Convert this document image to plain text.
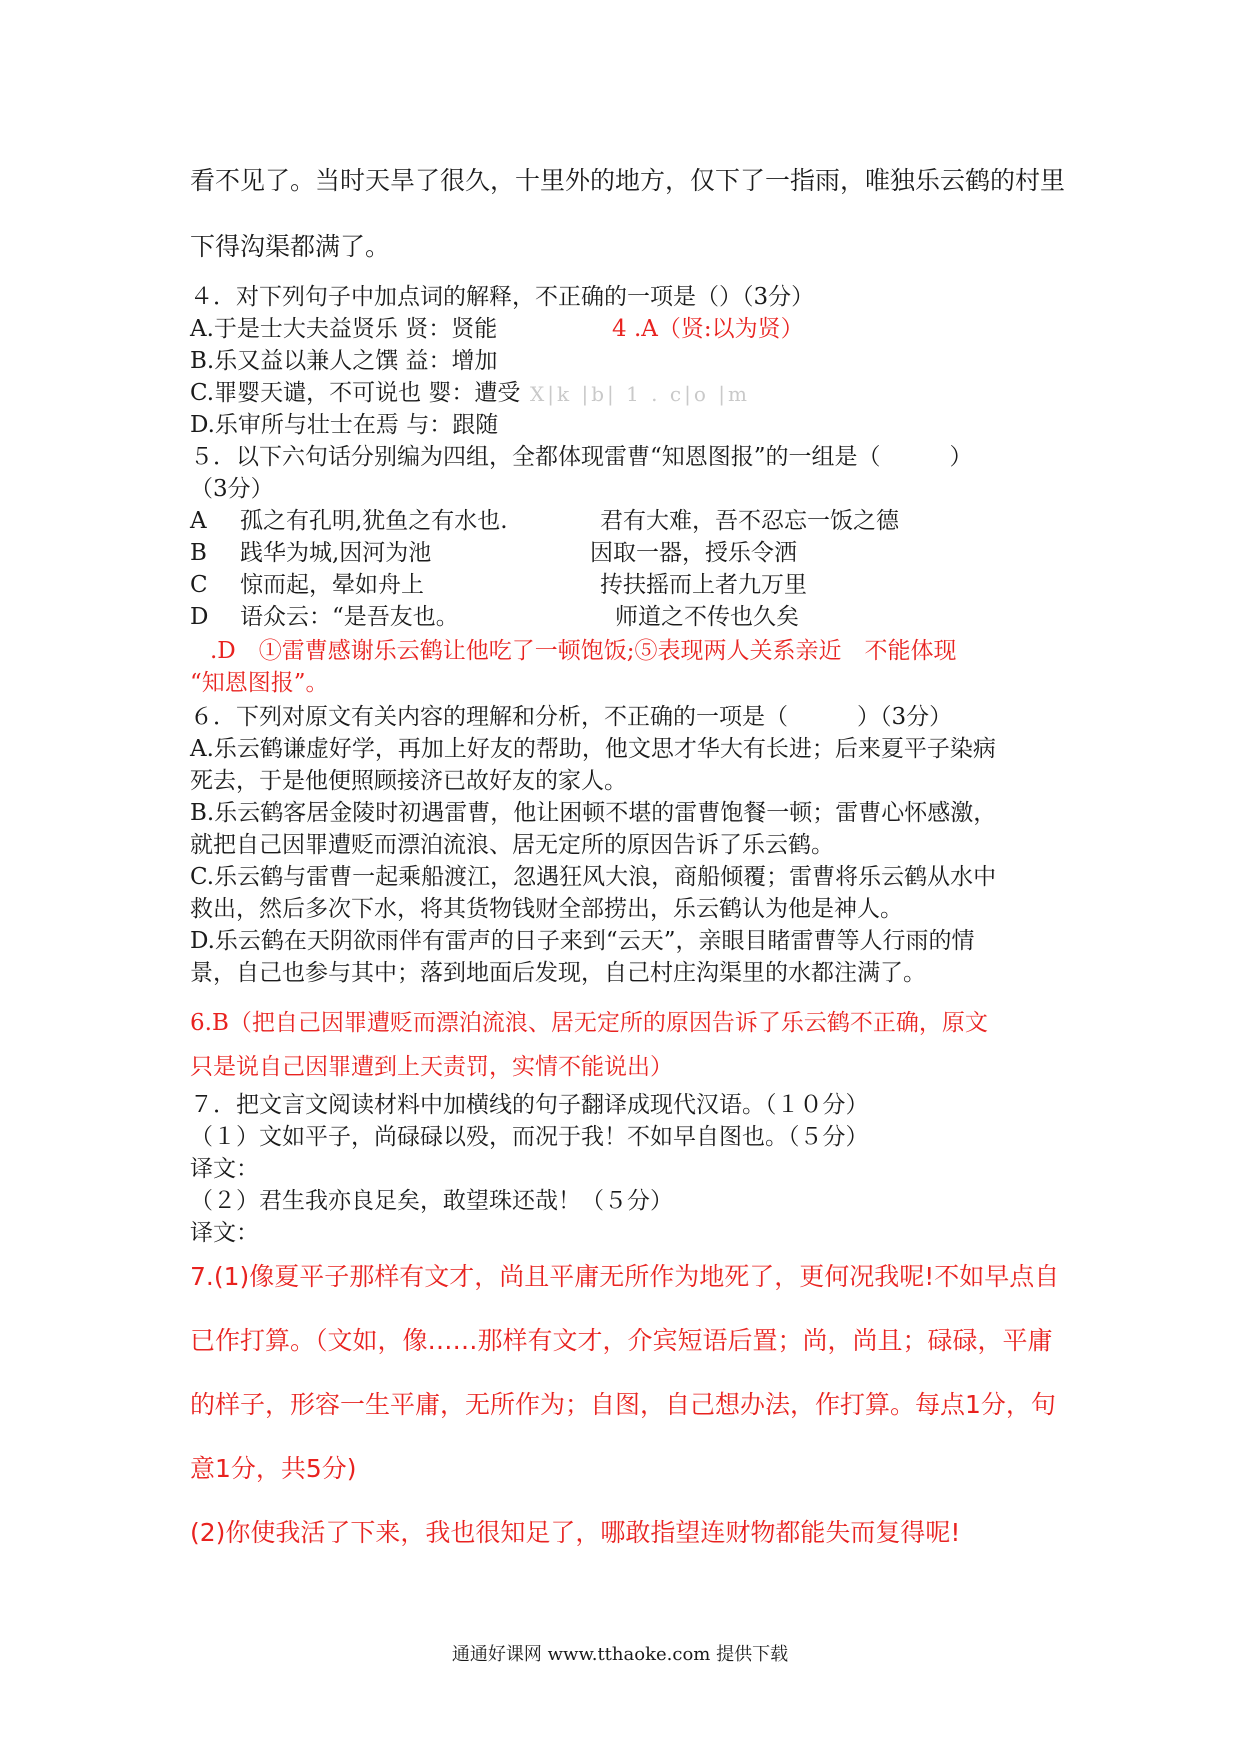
看不见了。当时天旱了很久，十里外的地方，仅下了一指雨，唯独乐云鹤的村里
下得沟渠都满了。
４．对下列句子中加点词的解释，不正确的一项是（）（3分）
A.于是士大夫益贤乐 贤：贤能	4 .A（贤:以为贤）
B.乐又益以兼人之馔 益：增加
C.罪婴天谴，不可说也 婴：遭受 X|k |b| 1 . c|o |m
D.乐审所与壮士在焉 与：跟随
５．以下六句话分别编为四组，全都体现雷曹“知恩图报”的一组是（　　　）
（3分）
A 孤之有孔明,犹鱼之有水也.	君有大难，吾不忍忘一饭之德
B 践华为城,因河为池	因取一器，授乐令洒
C 惊而起，晕如舟上	抟扶摇而上者九万里
D 语众云：“是吾友也。	师道之不传也久矣
.D　①雷曹感谢乐云鹤让他吃了一顿饱饭;⑤表现两人关系亲近　不能体现
“知恩图报”。
６．下列对原文有关内容的理解和分析，不正确的一项是（　　　）（3分）
A.乐云鹤谦虚好学，再加上好友的帮助，他文思才华大有长进；后来夏平子染病
死去，于是他便照顾接济已故好友的家人。
B.乐云鹤客居金陵时初遇雷曹，他让困顿不堪的雷曹饱餐一顿；雷曹心怀感激，
就把自己因罪遭贬而漂泊流浪、居无定所的原因告诉了乐云鹤。
C.乐云鹤与雷曹一起乘船渡江，忽遇狂风大浪，商船倾覆；雷曹将乐云鹤从水中
救出，然后多次下水，将其货物钱财全部捞出，乐云鹤认为他是神人。
D.乐云鹤在天阴欲雨伴有雷声的日子来到“云天”，亲眼目睹雷曹等人行雨的情
景，自己也参与其中；落到地面后发现，自己村庄沟渠里的水都注满了。
6.B（把自己因罪遭贬而漂泊流浪、居无定所的原因告诉了乐云鹤不正确，原文
只是说自己因罪遭到上天责罚，实情不能说出）
７．把文言文阅读材料中加横线的句子翻译成现代汉语。（１０分）
（１）文如平子，尚碌碌以殁，而况于我！不如早自图也。（５分）
译文：
（２）君生我亦良足矣，敢望珠还哉！（５分）
译文：
7.(1)像夏平子那样有文才，尚且平庸无所作为地死了，更何况我呢!不如早点自
已作打算。（文如，像……那样有文才，介宾短语后置；尚，尚且；碌碌，平庸
的样子，形容一生平庸，无所作为；自图，自己想办法，作打算。每点1分，句
意1分，共5分)
(2)你使我活了下来，我也很知足了，哪敢指望连财物都能失而复得呢!
通通好课网 www.tthaoke.com 提供下载
